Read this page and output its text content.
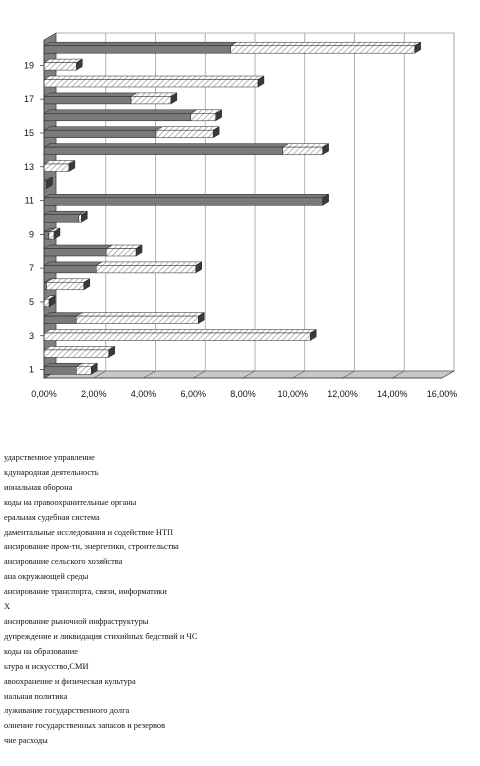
0,00%	2,00%	4,00%	6,00%	8,00% 10,00% 12,00% 14,00% 16,00%
1
3
5
7
9
11
13
15
17
19
ударственное управление
кдународная деятельность
иональная оборона
коды на правоохранительные органы
еральная судебная система
даментальные исследования и содействие НТП
ансирование пром-ти, энергетики, строительства
ансирование сельского хозяйства
ана окружающей среды
ансирование транспорта, связи, информатики
Х
ансирование рыночной инфраструктуры
дупреждение и ликвидация стихийных бедствий и ЧС
коды на образование
ьтура и искусство,СМИ
авоохранение и физическая культура
иальная политика
луживание государственного долга
олнение государственных запасов и резервов
чие расходы
